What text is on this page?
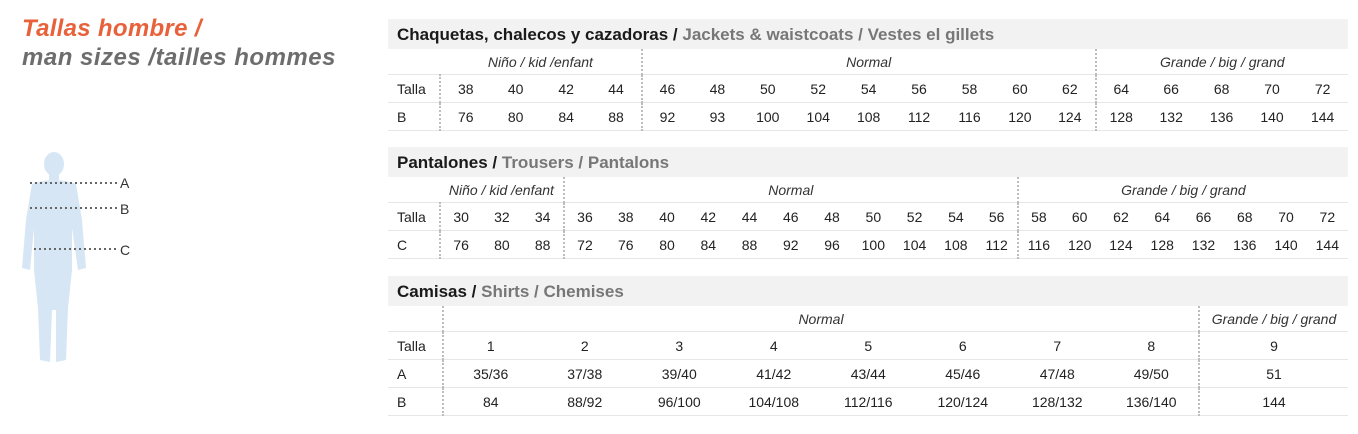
Tallas hombre /
man sizes /tailles hommes
A
B
C
Chaquetas, chalecos y cazadoras / Jackets & waistcoats / Vestes el gillets
	Niño / kid /enfant				Normal									Grande / big / grand				
Talla	38	40	42	44	46	48	50	52	54	56	58	60	62	64	66	68	70	72
B	76	80	84	88	92	93	100	104	108	112	116	120	124	128	132	136	140	144
Pantalones / Trousers / Pantalons
	Niño / kid /enfant			Normal											Grande / big / grand							
Talla	30	32	34	36	38	40	42	44	46	48	50	52	54	56	58	60	62	64	66	68	70	72
C	76	80	88	72	76	80	84	88	92	96	100	104	108	112	116	120	124	128	132	136	140	144
Camisas / Shirts / Chemises
	Normal								Grande / big / grand
Talla	1	2	3	4	5	6	7	8	9
A	35/36	37/38	39/40	41/42	43/44	45/46	47/48	49/50	51
B	84	88/92	96/100	104/108	112/116	120/124	128/132	136/140	144
